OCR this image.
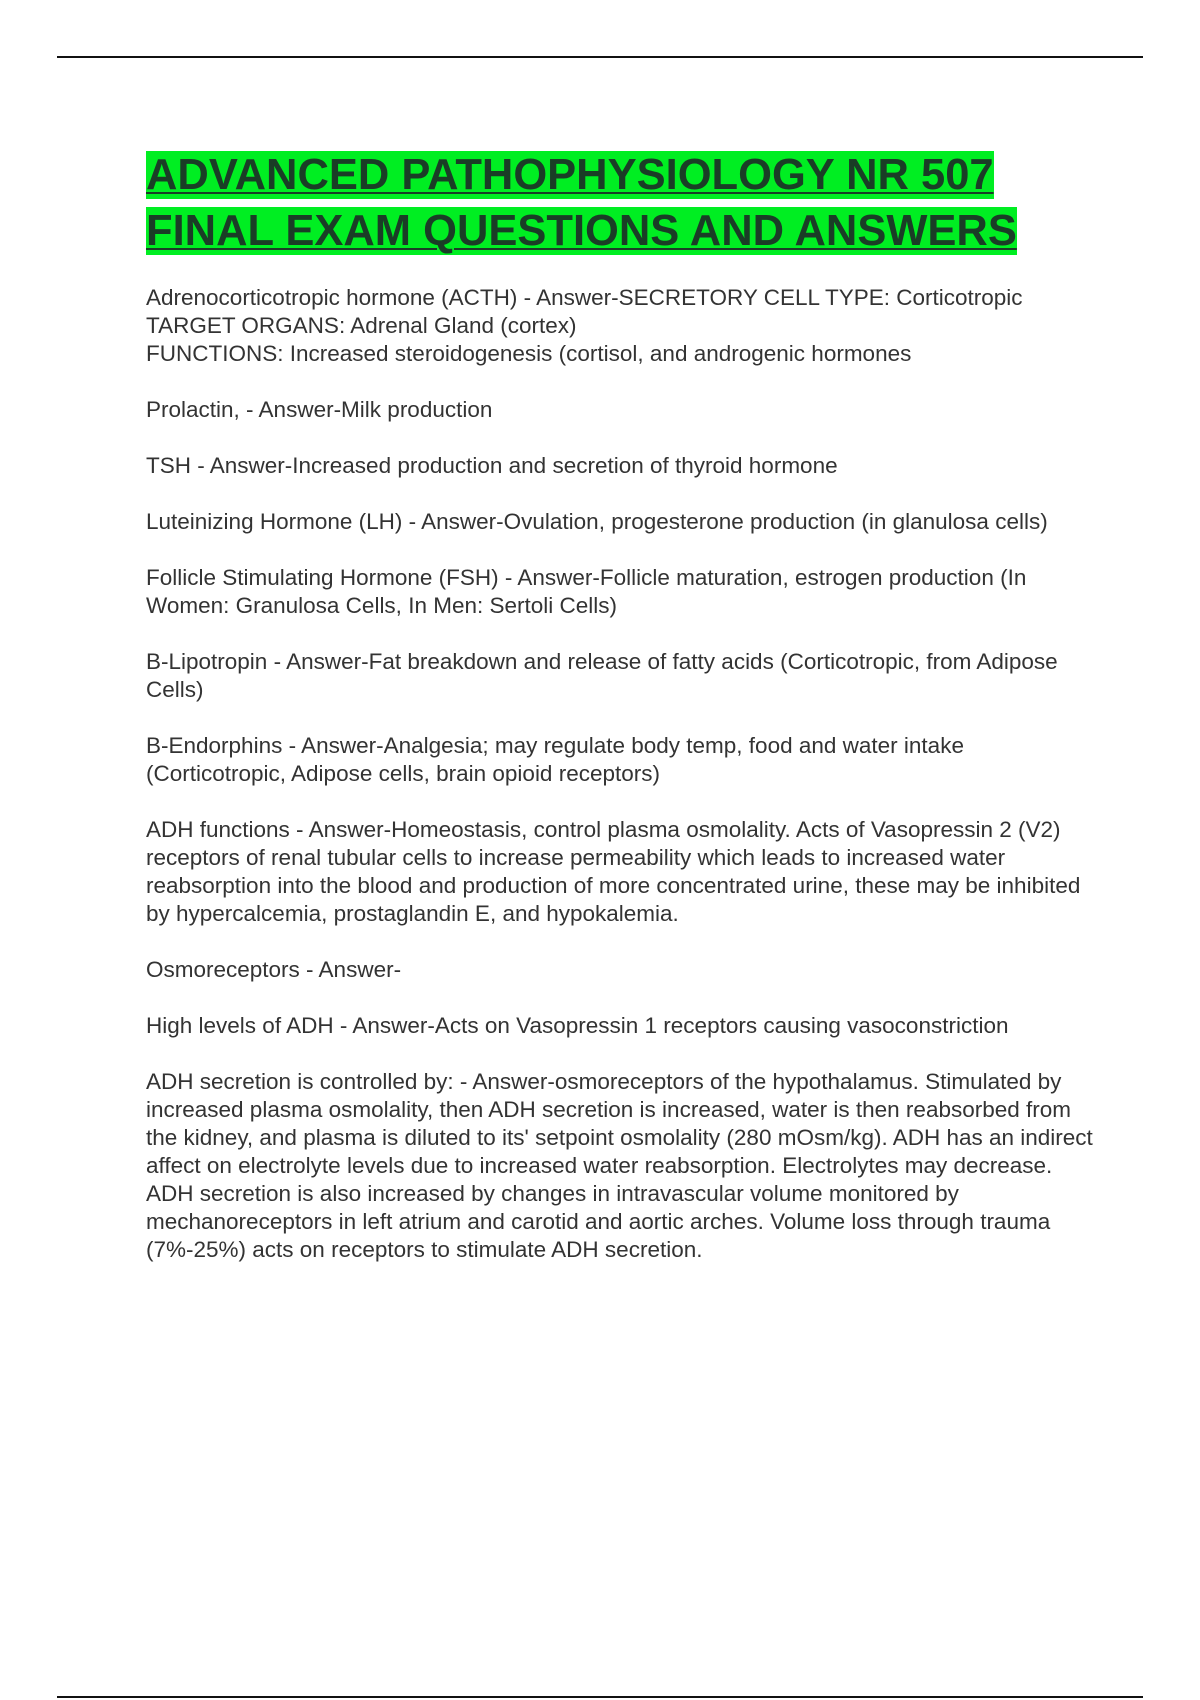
ADVANCED PATHOPHYSIOLOGY NR 507 FINAL EXAM QUESTIONS AND ANSWERS

Adrenocorticotropic hormone (ACTH) - Answer-SECRETORY CELL TYPE: Corticotropic
TARGET ORGANS: Adrenal Gland (cortex)
FUNCTIONS: Increased steroidogenesis (cortisol, and androgenic hormones

Prolactin, - Answer-Milk production

TSH - Answer-Increased production and secretion of thyroid hormone

Luteinizing Hormone (LH) - Answer-Ovulation, progesterone production (in glanulosa cells)

Follicle Stimulating Hormone (FSH) - Answer-Follicle maturation, estrogen production (In Women: Granulosa Cells, In Men: Sertoli Cells)

B-Lipotropin - Answer-Fat breakdown and release of fatty acids (Corticotropic, from Adipose Cells)

B-Endorphins - Answer-Analgesia; may regulate body temp, food and water intake (Corticotropic, Adipose cells, brain opioid receptors)

ADH functions - Answer-Homeostasis, control plasma osmolality. Acts of Vasopressin 2 (V2) receptors of renal tubular cells to increase permeability which leads to increased water reabsorption into the blood and production of more concentrated urine, these may be inhibited by hypercalcemia, prostaglandin E, and hypokalemia.

Osmoreceptors - Answer-

High levels of ADH - Answer-Acts on Vasopressin 1 receptors causing vasoconstriction

ADH secretion is controlled by: - Answer-osmoreceptors of the hypothalamus. Stimulated by increased plasma osmolality, then ADH secretion is increased, water is then reabsorbed from the kidney, and plasma is diluted to its' setpoint osmolality (280 mOsm/kg). ADH has an indirect affect on electrolyte levels due to increased water reabsorption. Electrolytes may decrease.
ADH secretion is also increased by changes in intravascular volume monitored by mechanoreceptors in left atrium and carotid and aortic arches. Volume loss through trauma (7%-25%) acts on receptors to stimulate ADH secretion.
